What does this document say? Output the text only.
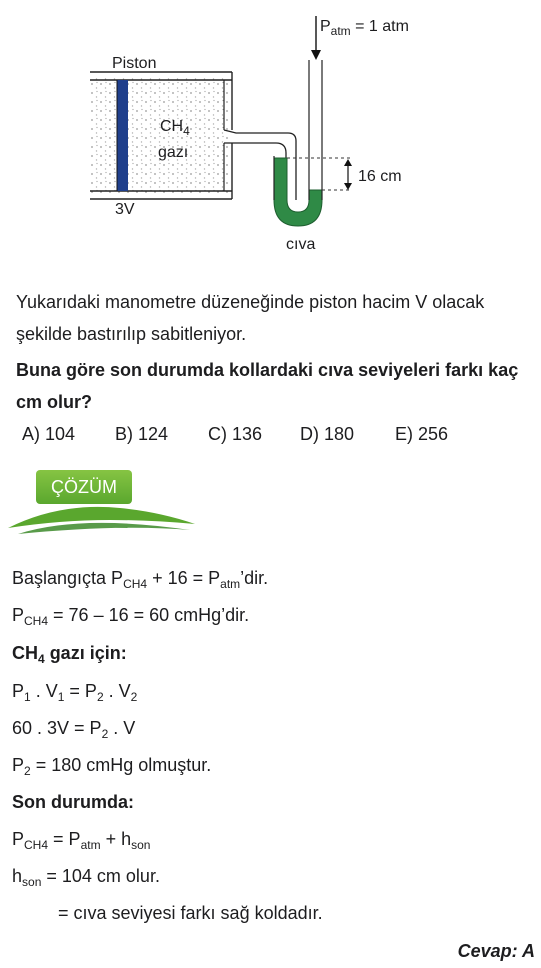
$P_{atm} = 1$ atm
Piston
$CH_4$
gazı
3V
16 cm
cıva
Yukarıdaki manometre düzeneğinde piston hacim V olacak şekilde bastırılıp sabitleniyor.
Buna göre son durumda kollardaki cıva seviyeleri farkı kaç cm olur?
A) 104 B) 124 C) 136 D) 180 E) 256
ÇÖZÜM
Başlangıçta $P_{CH4} + 16$ = $P_{atm}’dir$.
$P_{CH4} = 76 - 16 = 60$ cmHg’dir.
$CH_4$ gazı için:
$P_1$ . $V_1 = P_2$ . $V_2$
60 . $3V = P_2$ . V
$P_2 = 180$ cmHg olmuştur.
Son durumda:
$P_{CH4} = P_{atm} + h_{son}$
$h_{son} = 104$ cm olur.
= cıva seviyesi farkı sağ koldadır.
Cevap: A
